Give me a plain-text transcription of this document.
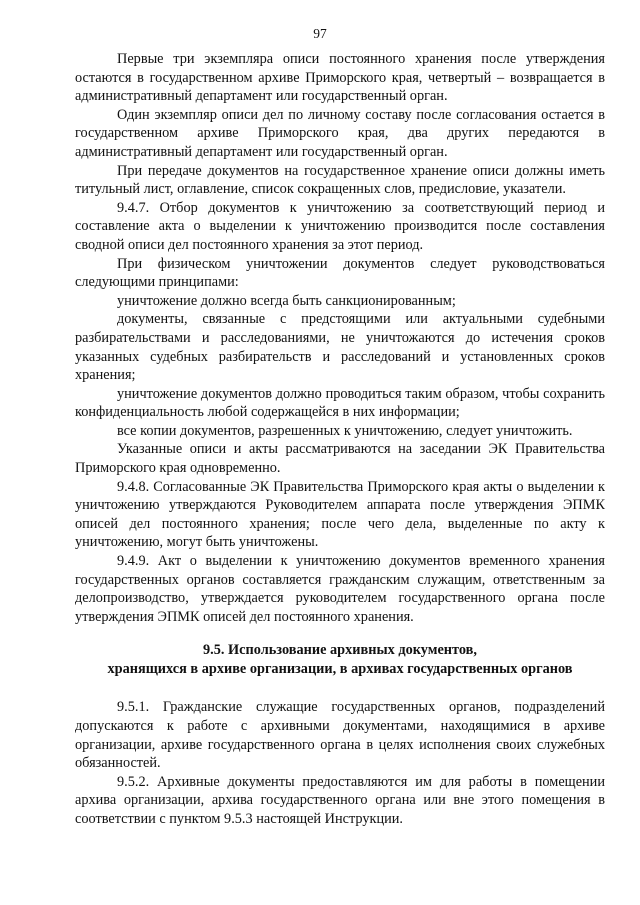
97

Первые три экземпляра описи постоянного хранения после утверждения остаются в государственном архиве Приморского края, четвертый – возвращается в административный департамент или государственный орган.

Один экземпляр описи дел по личному составу после согласования остается в государственном архиве Приморского края, два других передаются в административный департамент или государственный орган.

При передаче документов на государственное хранение описи должны иметь титульный лист, оглавление, список сокращенных слов, предисловие, указатели.

9.4.7. Отбор документов к уничтожению за соответствующий период и составление акта о выделении к уничтожению производится после составления сводной описи дел постоянного хранения за этот период.

При физическом уничтожении документов следует руководствоваться следующими принципами:

уничтожение должно всегда быть санкционированным;

документы, связанные с предстоящими или актуальными судебными разбирательствами и расследованиями, не уничтожаются до истечения сроков указанных судебных разбирательств и расследований и установленных сроков хранения;

уничтожение документов должно проводиться таким образом, чтобы сохранить конфиденциальность любой содержащейся в них информации;

все копии документов, разрешенных к уничтожению, следует уничтожить.

Указанные описи и акты рассматриваются на заседании ЭК Правительства Приморского края одновременно.

9.4.8. Согласованные ЭК Правительства Приморского края акты о выделении к уничтожению утверждаются Руководителем аппарата после утверждения ЭПМК описей дел постоянного хранения; после чего дела, выделенные по акту к уничтожению, могут быть уничтожены.

9.4.9. Акт о выделении к уничтожению документов временного хранения государственных органов составляется гражданским служащим, ответственным за делопроизводство, утверждается руководителем государственного органа после утверждения ЭПМК описей дел постоянного хранения.

9.5. Использование архивных документов,
хранящихся в архиве организации, в архивах государственных органов

9.5.1. Гражданские служащие государственных органов, подразделений допускаются к работе с архивными документами, находящимися в архиве организации, архиве государственного органа в целях исполнения своих служебных обязанностей.

9.5.2. Архивные документы предоставляются им для работы в помещении архива организации, архива государственного органа или вне этого помещения в соответствии с пунктом 9.5.3 настоящей Инструкции.
